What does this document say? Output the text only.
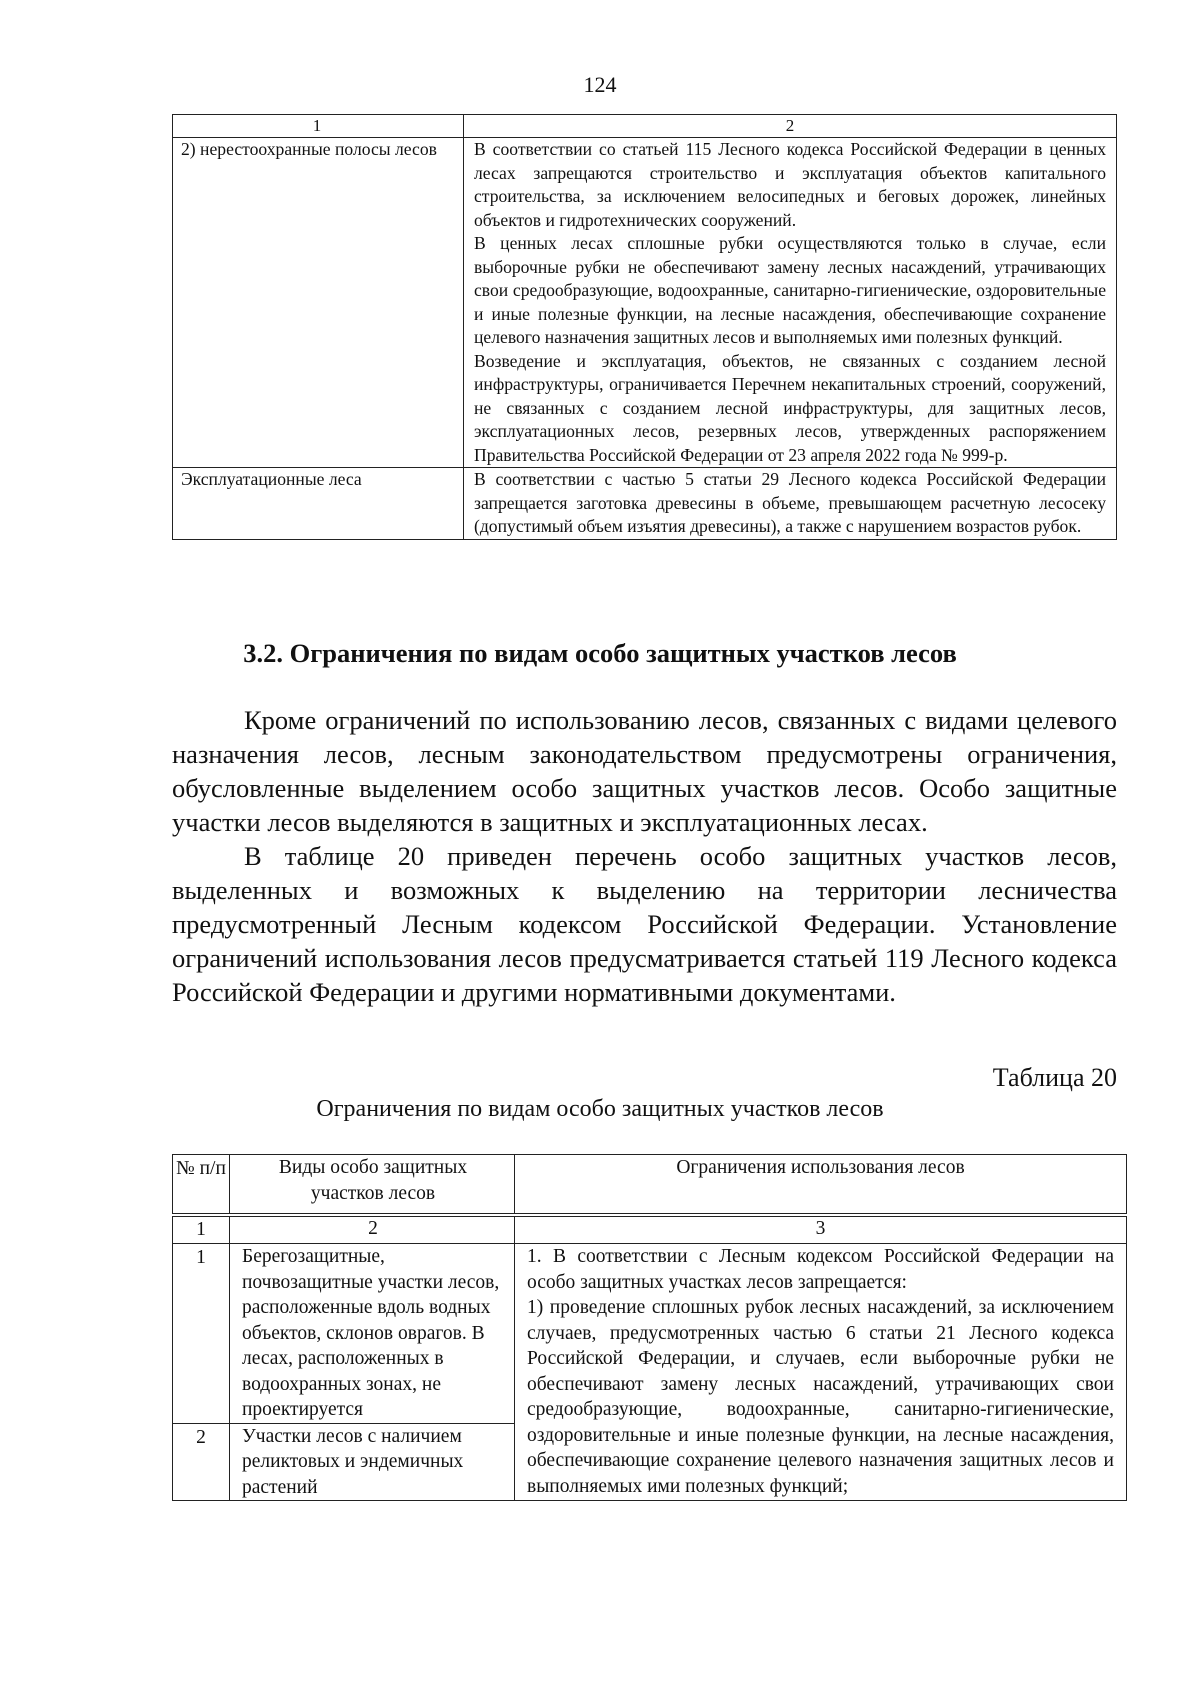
124
1	2
2) нерестоохранные полосы лесов	В соответствии со статьей 115 Лесного кодекса Российской Федерации в ценных лесах запрещаются строительство и эксплуатация объектов капитального строительства, за исключением велосипедных и беговых дорожек, линейных объектов и гидротехнических сооружений.

В ценных лесах сплошные рубки осуществляются только в случае, если выборочные рубки не обеспечивают замену лесных насаждений, утрачивающих свои средообразующие, водоохранные, санитарно-гигиенические, оздоровительные и иные полезные функции, на лесные насаждения, обеспечивающие сохранение целевого назначения защитных лесов и выполняемых ими полезных функций.

Возведение и эксплуатация, объектов, не связанных с созданием лесной инфраструктуры, ограничивается Перечнем некапитальных строений, сооружений, не связанных с созданием лесной инфраструктуры, для защитных лесов, эксплуатационных лесов, резервных лесов, утвержденных распоряжением Правительства Российской Федерации от 23 апреля 2022 года № 999-р.

Эксплуатационные леса	В соответствии с частью 5 статьи 29 Лесного кодекса Российской Федерации запрещается заготовка древесины в объеме, превышающем расчетную лесосеку (допустимый объем изъятия древесины), а также с нарушением возрастов рубок.

3.2. Ограничения по видам особо защитных участков лесов

Кроме ограничений по использованию лесов, связанных с видами целевого назначения лесов, лесным законодательством предусмотрены ограничения, обусловленные выделением особо защитных участков лесов. Особо защитные участки лесов выделяются в защитных и эксплуатационных лесах.

В таблице 20 приведен перечень особо защитных участков лесов, выделенных и возможных к выделению на территории лесничества предусмотренный Лесным кодексом Российской Федерации. Установление ограничений использования лесов предусматривается статьей 119 Лесного кодекса Российской Федерации и другими нормативными документами.

Таблица 20
Ограничения по видам особо защитных участков лесов
№ п/п	Виды особо защитных участков лесов	Ограничения использования лесов
1	2	3
1	Берегозащитные, почвозащитные участки лесов, расположенные вдоль водных объектов, склонов оврагов. В лесах, расположенных в водоохранных зонах, не проектируется	1. В соответствии с Лесным кодексом Российской Федерации на особо защитных участках лесов запрещается:

1) проведение сплошных рубок лесных насаждений, за исключением случаев, предусмотренных частью 6 статьи 21 Лесного кодекса Российской Федерации, и случаев, если выборочные рубки не обеспечивают замену лесных насаждений, утрачивающих свои средообразующие, водоохранные, санитарно-гигиенические, оздоровительные и иные полезные функции, на лесные насаждения, обеспечивающие сохранение целевого назначения защитных лесов и выполняемых ими полезных функций;

2	Участки лесов с наличием реликтовых и эндемичных растений	
